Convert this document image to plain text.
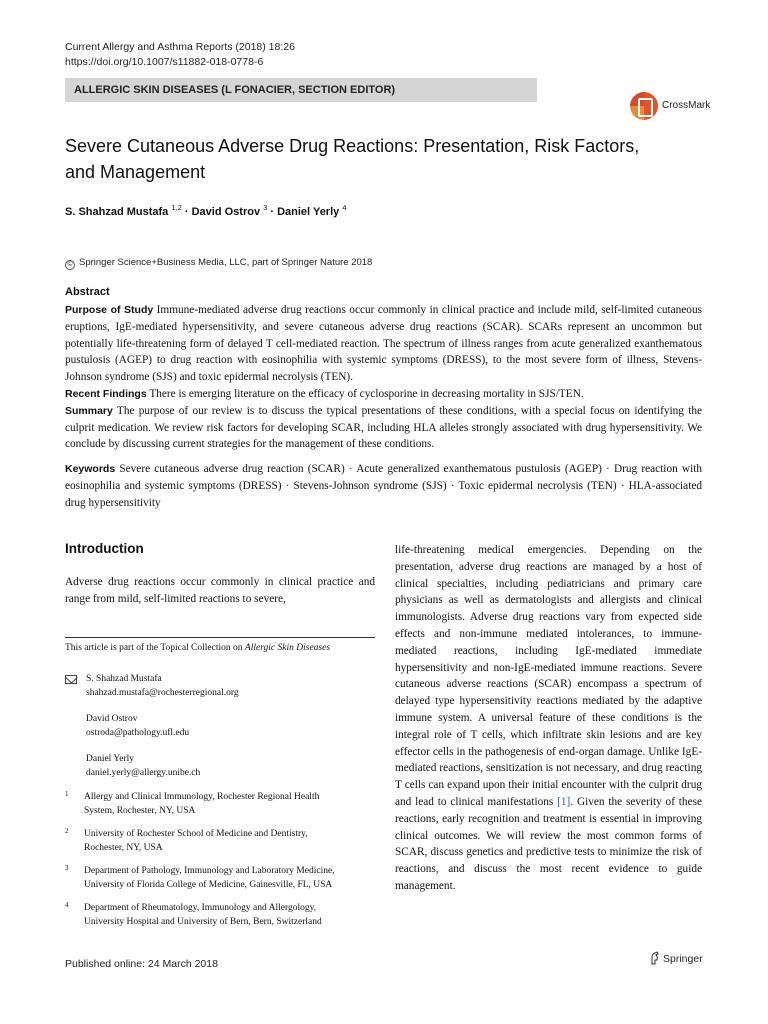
Current Allergy and Asthma Reports (2018) 18:26
https://doi.org/10.1007/s11882-018-0778-6
ALLERGIC SKIN DISEASES (L FONACIER, SECTION EDITOR)
CrossMark
Severe Cutaneous Adverse Drug Reactions: Presentation, Risk Factors, and Management
S. Shahzad Mustafa $^{1,2}$ · David Ostrov $^3$ · Daniel Yerly $^4$
© Springer Science+Business Media, LLC, part of Springer Nature 2018
Abstract

Purpose of Study Immune-mediated adverse drug reactions occur commonly in clinical practice and include mild, self-limited cutaneous eruptions, IgE-mediated hypersensitivity, and severe cutaneous adverse drug reactions (SCAR). SCARs represent an uncommon but potentially life-threatening form of delayed T cell-mediated reaction. The spectrum of illness ranges from acute generalized exanthematous pustulosis (AGEP) to drug reaction with eosinophilia with systemic symptoms (DRESS), to the most severe form of illness, Stevens-Johnson syndrome (SJS) and toxic epidermal necrolysis (TEN).

Recent Findings There is emerging literature on the efficacy of cyclosporine in decreasing mortality in SJS/TEN.

Summary The purpose of our review is to discuss the typical presentations of these conditions, with a special focus on identifying the culprit medication. We review risk factors for developing SCAR, including HLA alleles strongly associated with drug hypersensitivity. We conclude by discussing current strategies for the management of these conditions.

Keywords Severe cutaneous adverse drug reaction (SCAR) · Acute generalized exanthematous pustulosis (AGEP) · Drug reaction with eosinophilia and systemic symptoms (DRESS) · Stevens-Johnson syndrome (SJS) · Toxic epidermal necrolysis (TEN) · HLA-associated drug hypersensitivity
Introduction
Adverse drug reactions occur commonly in clinical practice and range from mild, self-limited reactions to severe,
This article is part of the Topical Collection on Allergic Skin Diseases
S. Shahzad Mustafa
shahzad.mustafa@rochesterregional.org
David Ostrov
ostroda@pathology.ufl.edu
Daniel Yerly
daniel.yerly@allergy.unibe.ch
1 Allergy and Clinical Immunology, Rochester Regional Health
System, Rochester, NY, USA
2 University of Rochester School of Medicine and Dentistry,
Rochester, NY, USA
3 Department of Pathology, Immunology and Laboratory Medicine,
University of Florida College of Medicine, Gainesville, FL, USA
4 Department of Rheumatology, Immunology and Allergology,
University Hospital and University of Bern, Bern, Switzerland
life-threatening medical emergencies. Depending on the presentation, adverse drug reactions are managed by a host of clinical specialties, including pediatricians and primary care physicians as well as dermatologists and allergists and clinical immunologists. Adverse drug reactions vary from expected side effects and non-immune mediated intolerances, to immune-mediated reactions, including IgE-mediated immediate hypersensitivity and non-IgE-mediated immune reactions. Severe cutaneous adverse reactions (SCAR) encompass a spectrum of delayed type hypersensitivity reactions mediated by the adaptive immune system. A universal feature of these conditions is the integral role of T cells, which infiltrate skin lesions and are key effector cells in the pathogenesis of end-organ damage. Unlike IgE-mediated reactions, sensitization is not necessary, and drug reacting T cells can expand upon their initial encounter with the culprit drug and lead to clinical manifestations [1]. Given the severity of these reactions, early recognition and treatment is essential in improving clinical outcomes. We will review the most common forms of SCAR, discuss genetics and predictive tests to minimize the risk of reactions, and discuss the most recent evidence to guide management.
Published online: 24 March 2018	Springer
